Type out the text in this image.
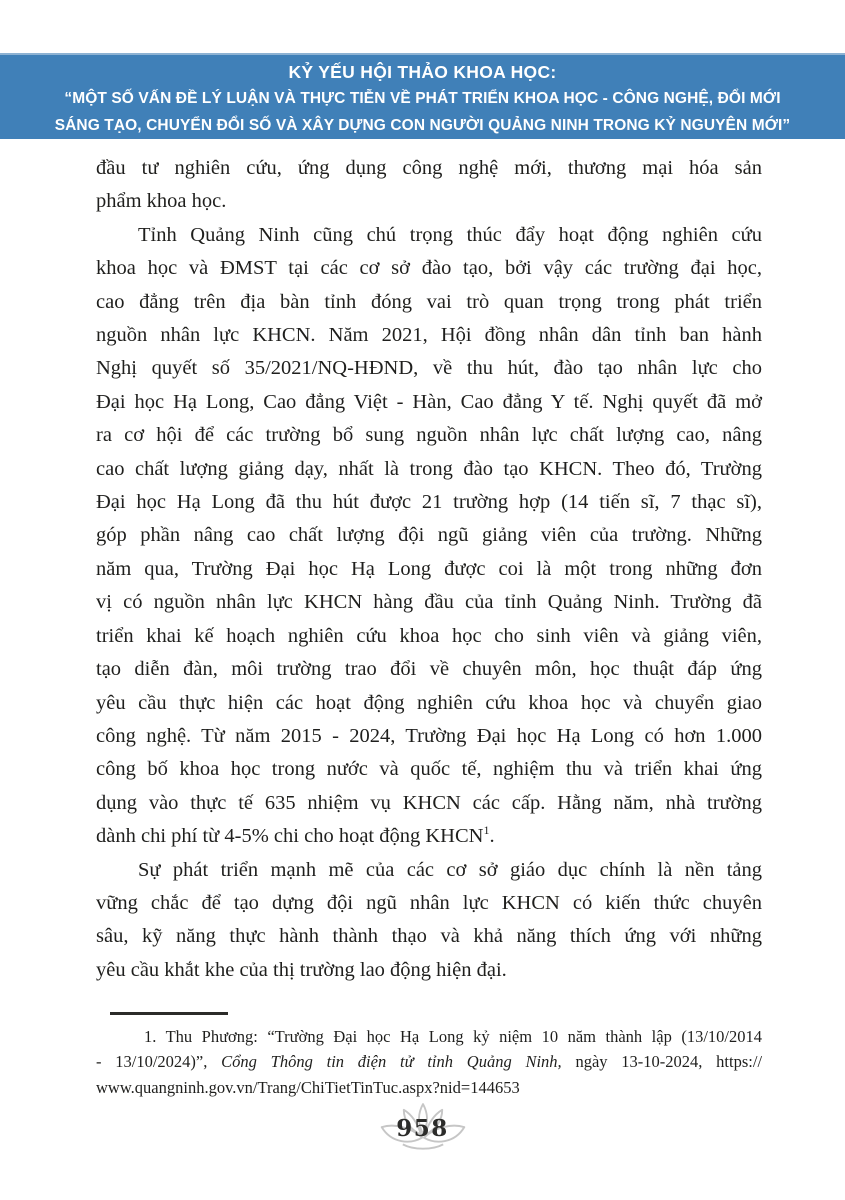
KỶ YẾU HỘI THẢO KHOA HỌC:
“MỘT SỐ VẤN ĐỀ LÝ LUẬN VÀ THỰC TIỄN VỀ PHÁT TRIỂN KHOA HỌC - CÔNG NGHỆ, ĐỔI MỚI
SÁNG TẠO, CHUYỂN ĐỔI SỐ VÀ XÂY DỰNG CON NGƯỜI QUẢNG NINH TRONG KỶ NGUYÊN MỚI”
đầu tư nghiên cứu, ứng dụng công nghệ mới, thương mại hóa sản
phẩm khoa học.
Tỉnh Quảng Ninh cũng chú trọng thúc đẩy hoạt động nghiên cứu
khoa học và ĐMST tại các cơ sở đào tạo, bởi vậy các trường đại học,
cao đẳng trên địa bàn tỉnh đóng vai trò quan trọng trong phát triển
nguồn nhân lực KHCN. Năm 2021, Hội đồng nhân dân tỉnh ban hành
Nghị quyết số 35/2021/NQ-HĐND, về thu hút, đào tạo nhân lực cho
Đại học Hạ Long, Cao đẳng Việt - Hàn, Cao đẳng Y tế. Nghị quyết đã mở
ra cơ hội để các trường bổ sung nguồn nhân lực chất lượng cao, nâng
cao chất lượng giảng dạy, nhất là trong đào tạo KHCN. Theo đó, Trường
Đại học Hạ Long đã thu hút được 21 trường hợp (14 tiến sĩ, 7 thạc sĩ),
góp phần nâng cao chất lượng đội ngũ giảng viên của trường. Những
năm qua, Trường Đại học Hạ Long được coi là một trong những đơn
vị có nguồn nhân lực KHCN hàng đầu của tỉnh Quảng Ninh. Trường đã
triển khai kế hoạch nghiên cứu khoa học cho sinh viên và giảng viên,
tạo diễn đàn, môi trường trao đổi về chuyên môn, học thuật đáp ứng
yêu cầu thực hiện các hoạt động nghiên cứu khoa học và chuyển giao
công nghệ. Từ năm 2015 - 2024, Trường Đại học Hạ Long có hơn 1.000
công bố khoa học trong nước và quốc tế, nghiệm thu và triển khai ứng
dụng vào thực tế 635 nhiệm vụ KHCN các cấp. Hằng năm, nhà trường
dành chi phí từ 4-5% chi cho hoạt động KHCN$^1$.
Sự phát triển mạnh mẽ của các cơ sở giáo dục chính là nền tảng
vững chắc để tạo dựng đội ngũ nhân lực KHCN có kiến thức chuyên
sâu, kỹ năng thực hành thành thạo và khả năng thích ứng với những
yêu cầu khắt khe của thị trường lao động hiện đại.
1. Thu Phương: “Trường Đại học Hạ Long kỷ niệm 10 năm thành lập (13/10/2014
- 13/10/2024)”, Cổng Thông tin điện tử tỉnh Quảng Ninh, ngày 13-10-2024, https://
www.quangninh.gov.vn/Trang/ChiTietTinTuc.aspx?nid=144653
958
